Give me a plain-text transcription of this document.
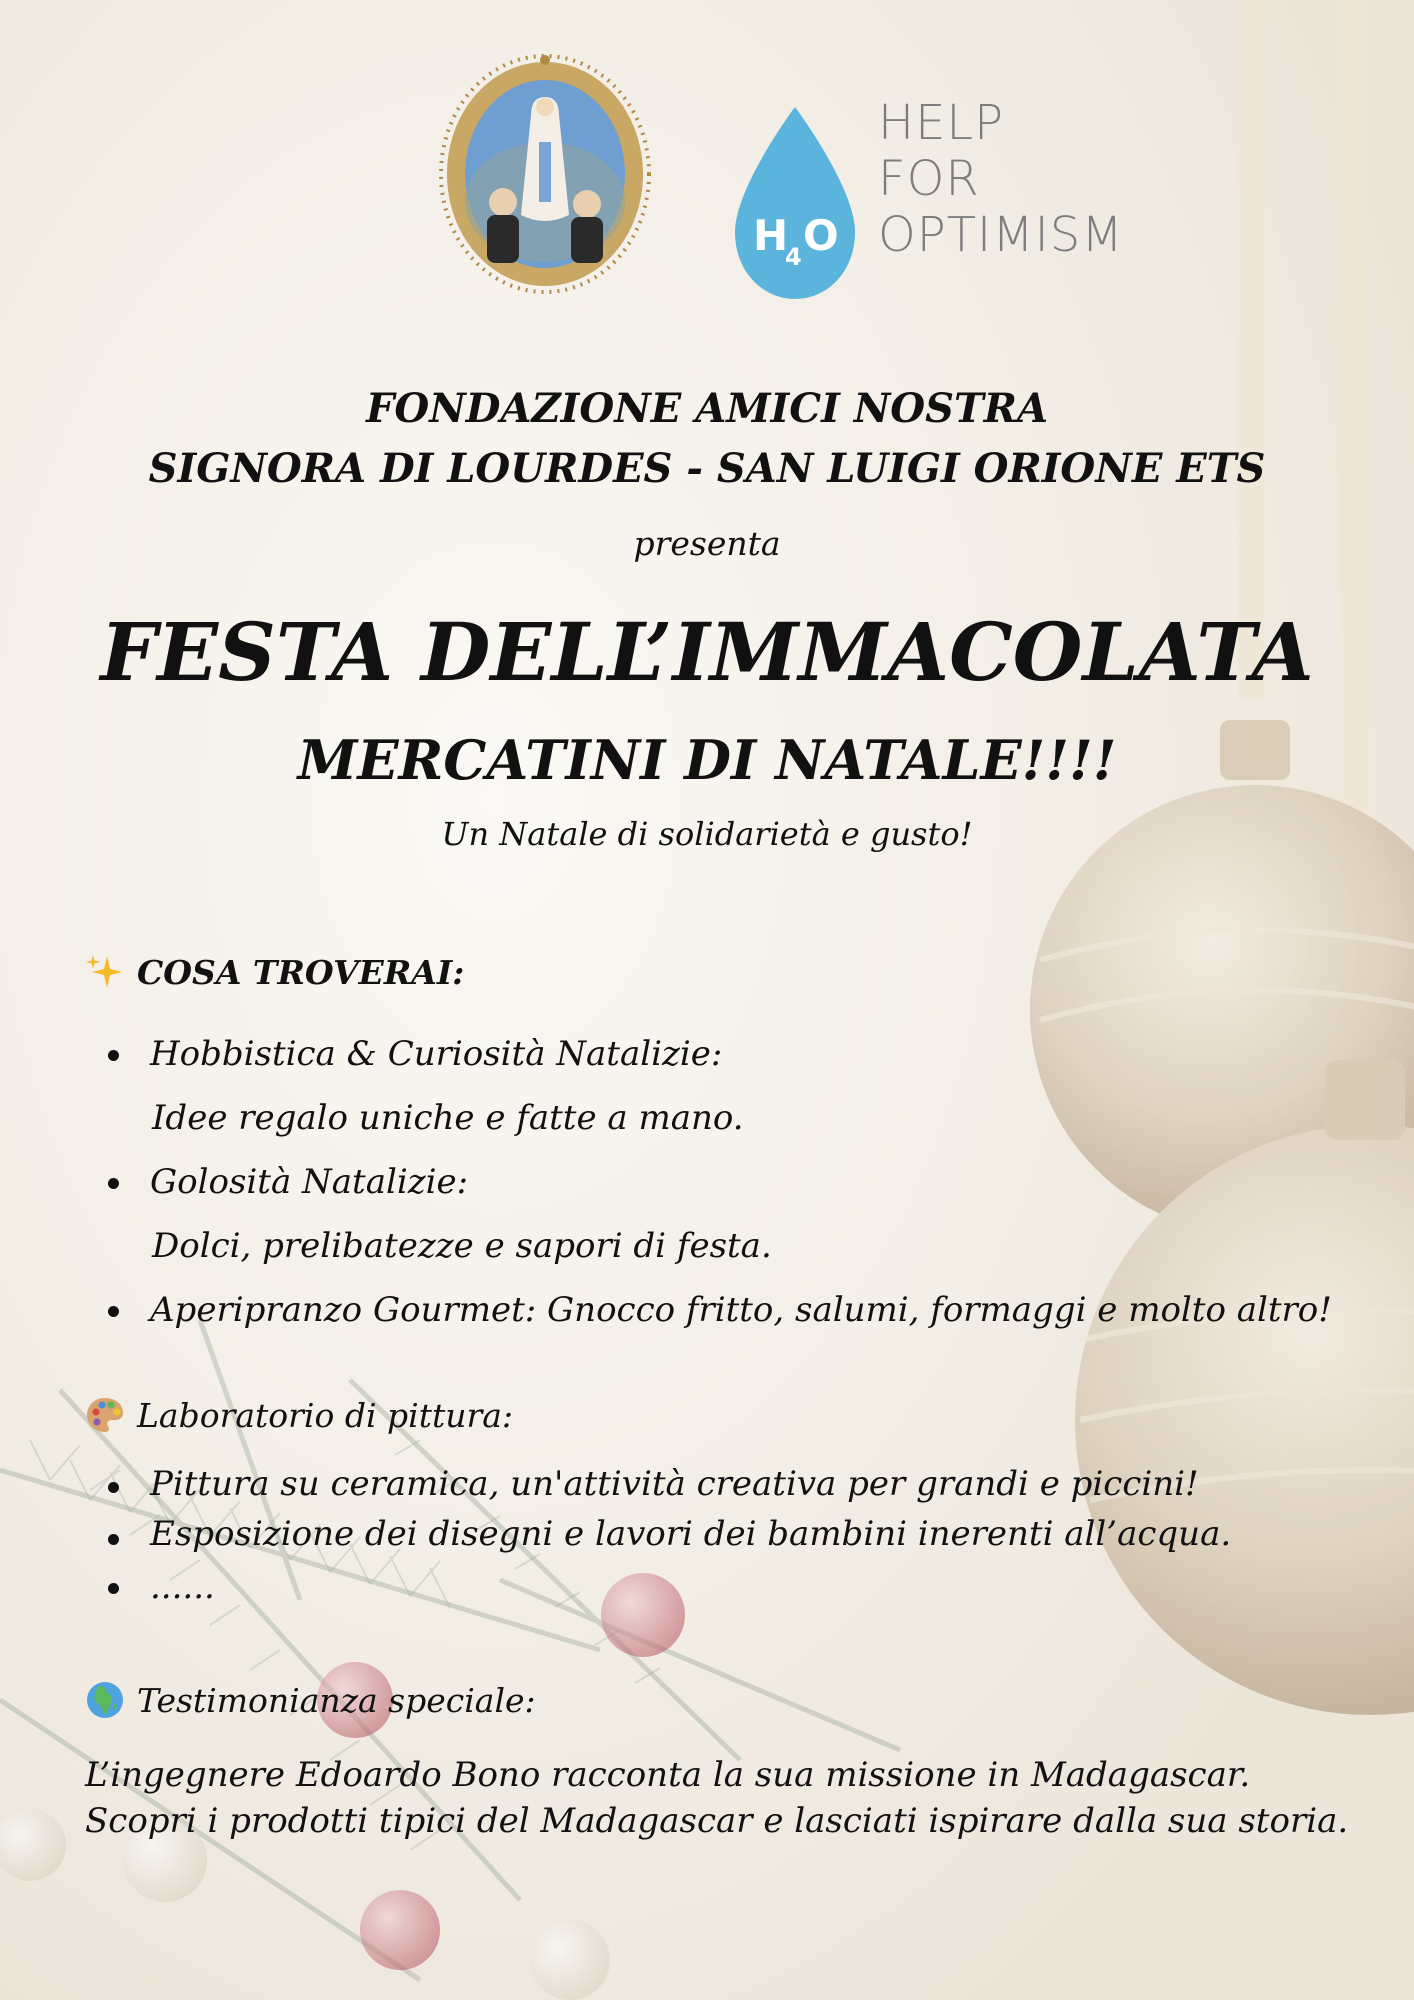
H
4 O
HELP
FOR
OPTIMISM
FONDAZIONE AMICI NOSTRA
SIGNORA DI LOURDES - SAN LUIGI ORIONE ETS
presenta
FESTA DELL’IMMACOLATA
MERCATINI DI NATALE!!!!
Un Natale di solidarietà e gusto!
COSA TROVERAI:
Hobbistica & Curiosità Natalizie:
Idee regalo uniche e fatte a mano.
Golosità Natalizie:
Dolci, prelibatezze e sapori di festa.
Aperipranzo Gourmet: Gnocco fritto, salumi, formaggi e molto altro!
Laboratorio di pittura:
Pittura su ceramica, un'attività creativa per grandi e piccini!
Esposizione dei disegni e lavori dei bambini inerenti all’acqua.
......
Testimonianza speciale:
L’ingegnere Edoardo Bono racconta la sua missione in Madagascar.
Scopri i prodotti tipici del Madagascar e lasciati ispirare dalla sua storia.
